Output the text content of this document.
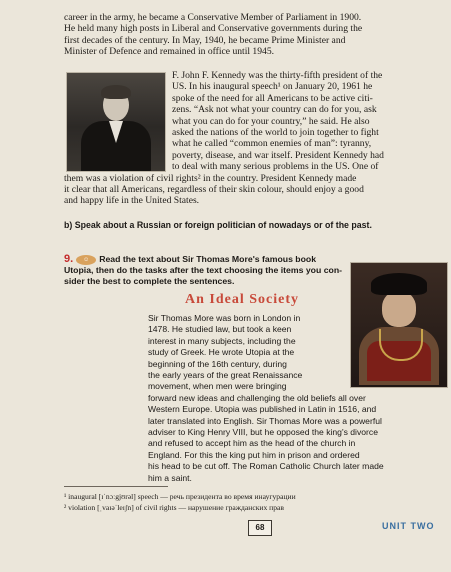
career in the army, he became a Conservative Member of Parliament in 1900.
He held many high posts in Liberal and Conservative governments during the
first decades of the century. In May, 1940, he became Prime Minister and
Minister of Defence and remained in office until 1945.
F. John F. Kennedy was the thirty-fifth president of the
US. In his inaugural speech¹ on January 20, 1961 he
spoke of the need for all Americans to be active citi-
zens. “Ask not what your country can do for you, ask
what you can do for your country,” he said. He also
asked the nations of the world to join together to fight
what he called “common enemies of man”: tyranny,
poverty, disease, and war itself. President Kennedy had
to deal with many serious problems in the US. One of
them was a violation of civil rights² in the country. President Kennedy made
it clear that all Americans, regardless of their skin colour, should enjoy a good
and happy life in the United States.
b) Speak about a Russian or foreign politician of nowadays or of the past.
9. ☺ Read the text about Sir Thomas More's famous book
Utopia, then do the tasks after the text choosing the items you con-
sider the best to complete the sentences.
An Ideal Society
Sir Thomas More was born in London in
1478. He studied law, but took a keen
interest in many subjects, including the
study of Greek. He wrote Utopia at the
beginning of the 16th century, during
the early years of the great Renaissance
movement, when men were bringing
forward new ideas and challenging the old beliefs all over
Western Europe. Utopia was published in Latin in 1516, and
later translated into English. Sir Thomas More was a powerful
adviser to King Henry VIII, but he opposed the king's divorce
and refused to accept him as the head of the church in
England. For this the king put him in prison and ordered
his head to be cut off. The Roman Catholic Church later made
him a saint.
¹ inaugural [ɪˈnɔːgjʊrəl] speech — речь президента во время инаугурации
² violation [ˌvaɪəˈleɪʃn] of civil rights — нарушение гражданских прав
68	UNIT TWO
